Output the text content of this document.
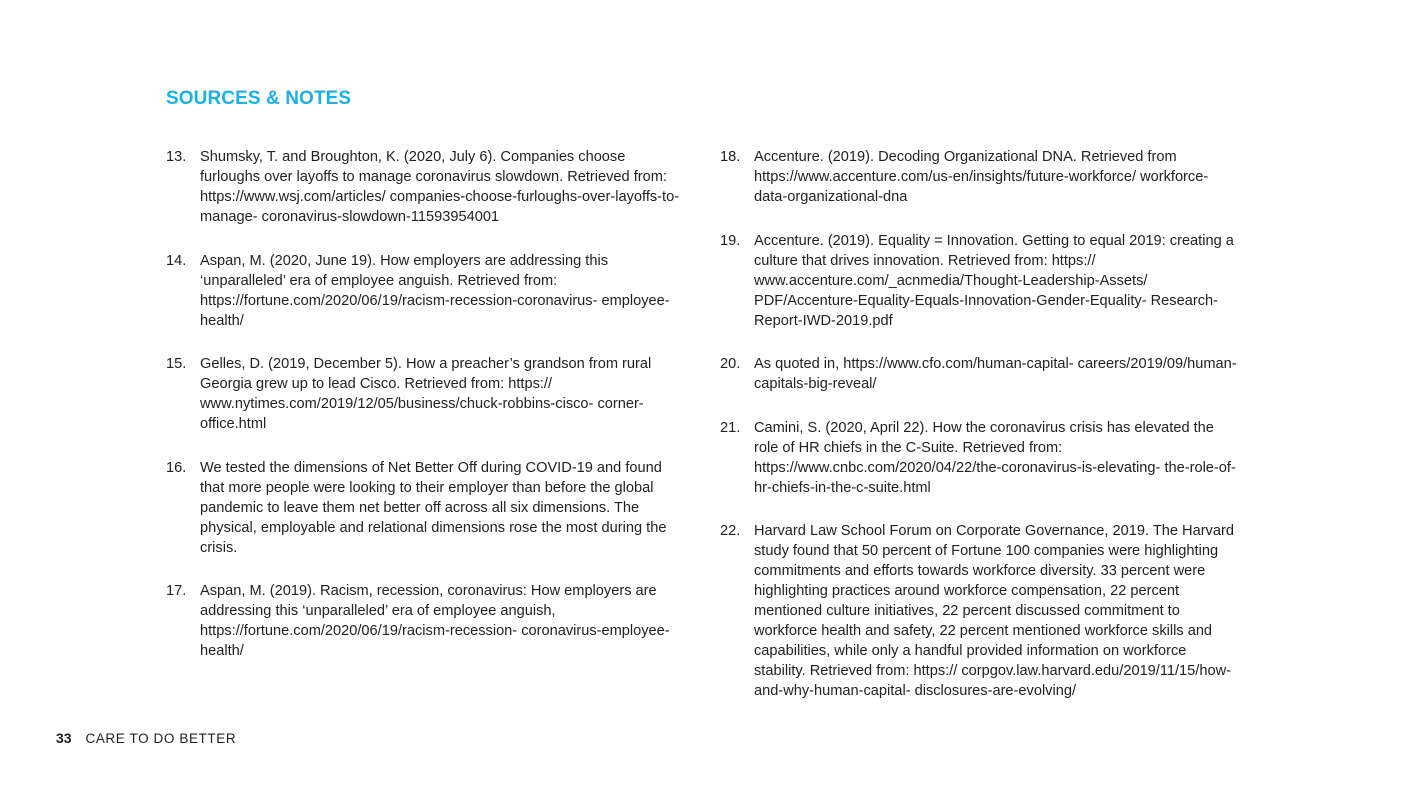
SOURCES & NOTES
13. Shumsky, T. and Broughton, K. (2020, July 6). Companies choose furloughs over layoffs to manage coronavirus slowdown. Retrieved from: https://www.wsj.com/articles/ companies-choose-furloughs-over-layoffs-to-manage- coronavirus-slowdown-11593954001
14. Aspan, M. (2020, June 19). How employers are addressing this ‘unparalleled’ era of employee anguish. Retrieved from: https://fortune.com/2020/06/19/racism-recession-coronavirus- employee-health/
15. Gelles, D. (2019, December 5). How a preacher’s grandson from rural Georgia grew up to lead Cisco. Retrieved from: https:// www.nytimes.com/2019/12/05/business/chuck-robbins-cisco- corner-office.html
16. We tested the dimensions of Net Better Off during COVID-19 and found that more people were looking to their employer than before the global pandemic to leave them net better off across all six dimensions. The physical, employable and relational dimensions rose the most during the crisis.
17. Aspan, M. (2019). Racism, recession, coronavirus: How employers are addressing this ‘unparalleled’ era of employee anguish, https://fortune.com/2020/06/19/racism-recession- coronavirus-employee-health/
18. Accenture. (2019). Decoding Organizational DNA. Retrieved from https://www.accenture.com/us-en/insights/future-workforce/ workforce-data-organizational-dna
19. Accenture. (2019). Equality = Innovation. Getting to equal 2019: creating a culture that drives innovation. Retrieved from: https:// www.accenture.com/_acnmedia/Thought-Leadership-Assets/ PDF/Accenture-Equality-Equals-Innovation-Gender-Equality- Research-Report-IWD-2019.pdf
20. As quoted in, https://www.cfo.com/human-capital- careers/2019/09/human-capitals-big-reveal/
21. Camini, S. (2020, April 22). How the coronavirus crisis has elevated the role of HR chiefs in the C-Suite. Retrieved from: https://www.cnbc.com/2020/04/22/the-coronavirus-is-elevating- the-role-of-hr-chiefs-in-the-c-suite.html
22. Harvard Law School Forum on Corporate Governance, 2019. The Harvard study found that 50 percent of Fortune 100 companies were highlighting commitments and efforts towards workforce diversity. 33 percent were highlighting practices around workforce compensation, 22 percent mentioned culture initiatives, 22 percent discussed commitment to workforce health and safety, 22 percent mentioned workforce skills and capabilities, while only a handful provided information on workforce stability. Retrieved from: https:// corpgov.law.harvard.edu/2019/11/15/how-and-why-human-capital- disclosures-are-evolving/
33 CARE TO DO BETTER
